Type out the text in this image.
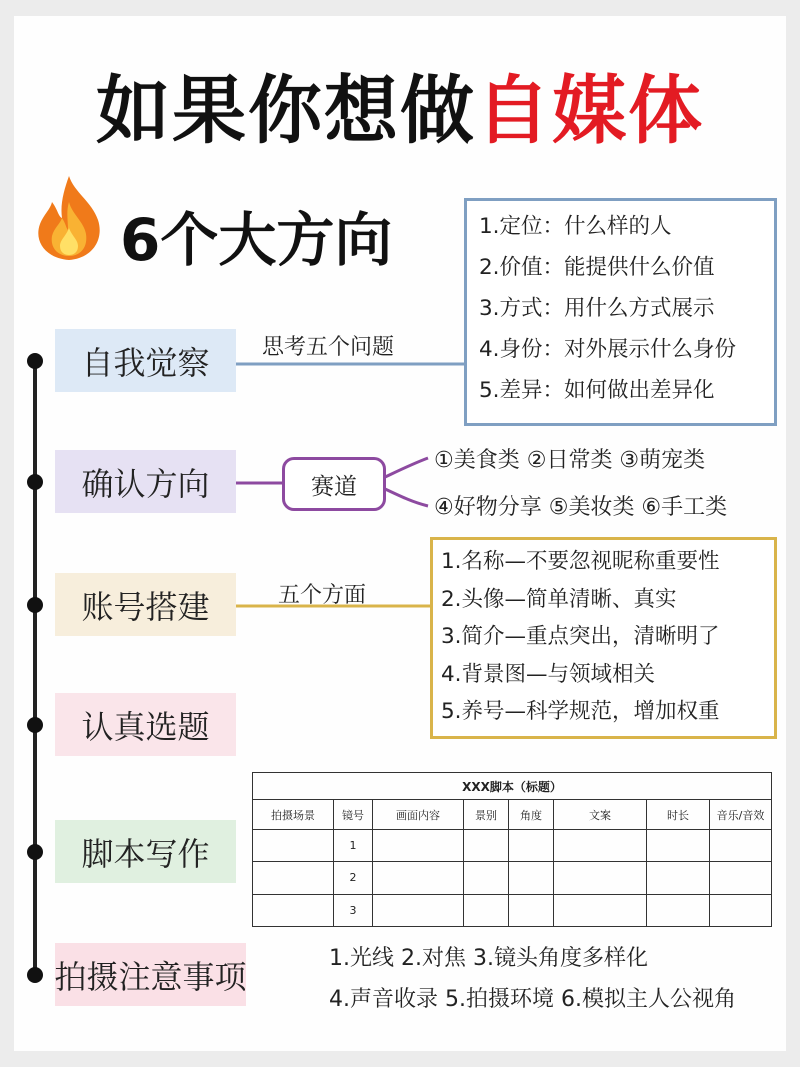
如果你想做自媒体
6个大方向
自我觉察
确认方向
账号搭建
认真选题
脚本写作
拍摄注意事项
思考五个问题
1.定位：什么样的人
2.价值：能提供什么价值
3.方式：用什么方式展示
4.身份：对外展示什么身份
5.差异：如何做出差异化
赛道
①美食类 ②日常类 ③萌宠类
④好物分享 ⑤美妆类 ⑥手工类
五个方面
1.名称—不要忽视昵称重要性
2.头像—简单清晰、真实
3.简介—重点突出，清晰明了
4.背景图—与领域相关
5.养号—科学规范，增加权重
XXX脚本（标题）							
拍摄场景	镜号	画面内容	景别	角度	文案	时长	音乐/音效
	1						
	2						
	3						
1.光线 2.对焦 3.镜头角度多样化
4.声音收录 5.拍摄环境 6.模拟主人公视角
